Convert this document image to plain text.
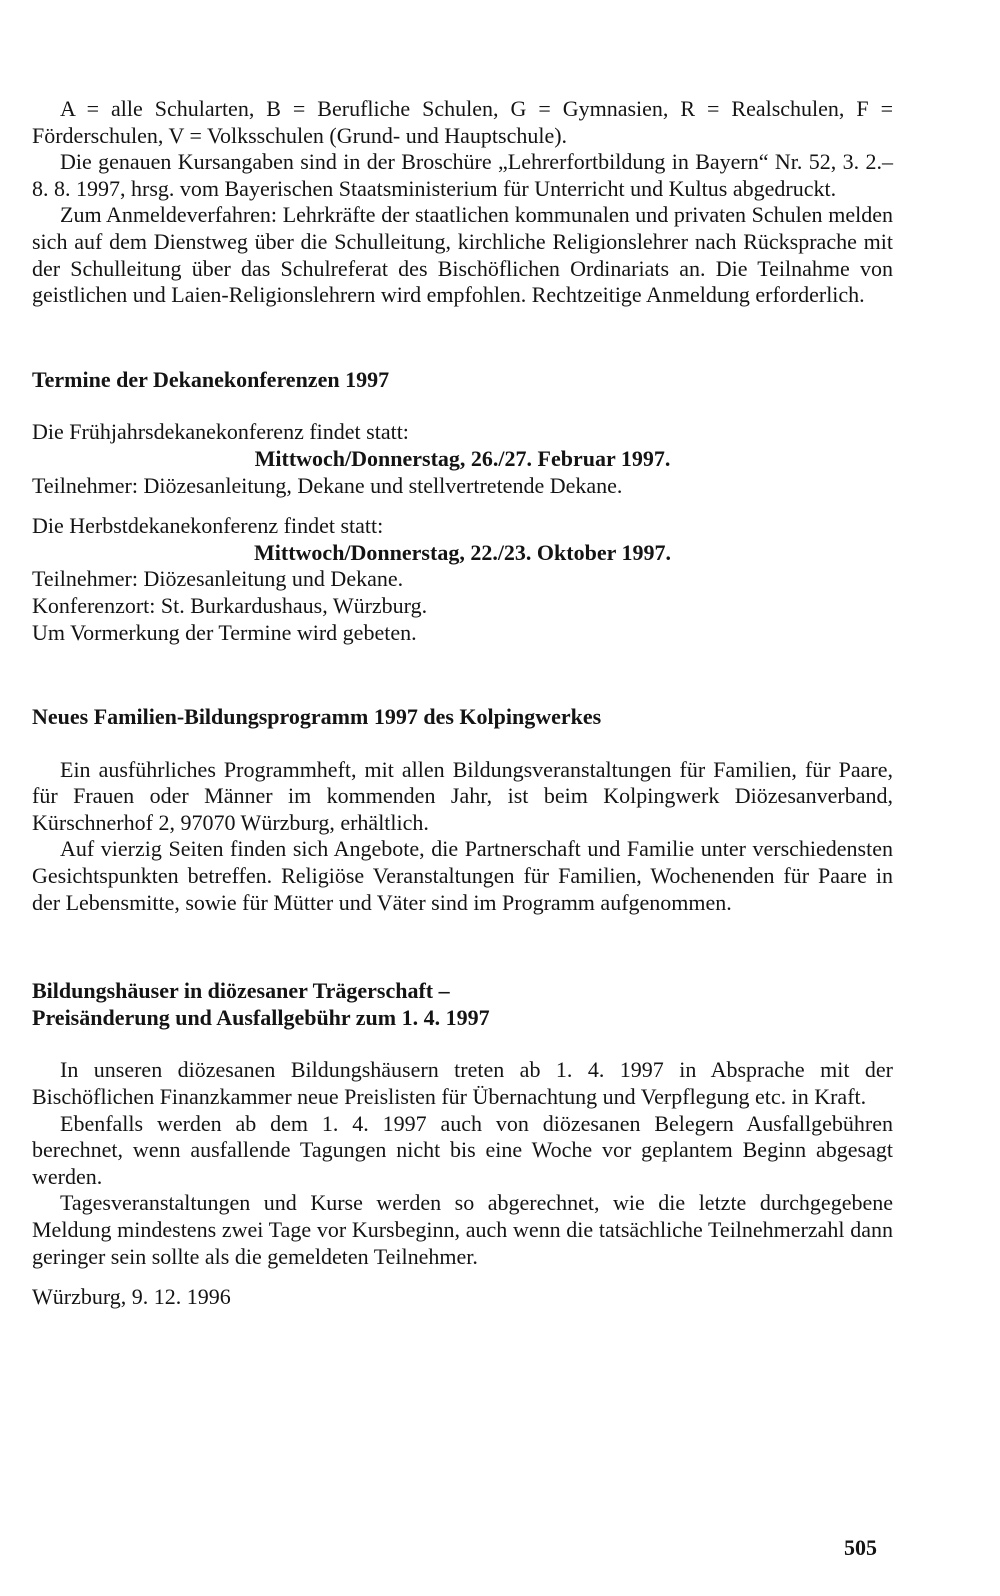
A = alle Schularten, B = Berufliche Schulen, G = Gymnasien, R = Realschulen, F = Förderschulen, V = Volksschulen (Grund- und Hauptschule).

Die genauen Kursangaben sind in der Broschüre „Lehrerfortbildung in Bayern“ Nr. 52, 3. 2.–8. 8. 1997, hrsg. vom Bayerischen Staatsministerium für Unterricht und Kultus abgedruckt.

Zum Anmeldeverfahren: Lehrkräfte der staatlichen kommunalen und privaten Schulen melden sich auf dem Dienstweg über die Schulleitung, kirchliche Religionslehrer nach Rücksprache mit der Schulleitung über das Schulreferat des Bischöflichen Ordinariats an. Die Teilnahme von geistlichen und Laien-Religionslehrern wird empfohlen. Rechtzeitige Anmeldung erforderlich.

Termine der Dekanekonferenzen 1997

Die Frühjahrsdekanekonferenz findet statt:

Mittwoch/Donnerstag, 26./27. Februar 1997.

Teilnehmer: Diözesanleitung, Dekane und stellvertretende Dekane.

Die Herbstdekanekonferenz findet statt:

Mittwoch/Donnerstag, 22./23. Oktober 1997.

Teilnehmer: Diözesanleitung und Dekane.

Konferenzort: St. Burkardushaus, Würzburg.

Um Vormerkung der Termine wird gebeten.

Neues Familien-Bildungsprogramm 1997 des Kolpingwerkes

Ein ausführliches Programmheft, mit allen Bildungsveranstaltungen für Familien, für Paare, für Frauen oder Männer im kommenden Jahr, ist beim Kolpingwerk Diözesanverband, Kürschnerhof 2, 97070 Würzburg, erhältlich.

Auf vierzig Seiten finden sich Angebote, die Partnerschaft und Familie unter verschiedensten Gesichtspunkten betreffen. Religiöse Veranstaltungen für Familien, Wochenenden für Paare in der Lebensmitte, sowie für Mütter und Väter sind im Programm aufgenommen.

Bildungshäuser in diözesaner Trägerschaft –
Preisänderung und Ausfallgebühr zum 1. 4. 1997

In unseren diözesanen Bildungshäusern treten ab 1. 4. 1997 in Absprache mit der Bischöflichen Finanzkammer neue Preislisten für Übernachtung und Verpflegung etc. in Kraft.

Ebenfalls werden ab dem 1. 4. 1997 auch von diözesanen Belegern Ausfallgebühren berechnet, wenn ausfallende Tagungen nicht bis eine Woche vor geplantem Beginn abgesagt werden.

Tagesveranstaltungen und Kurse werden so abgerechnet, wie die letzte durchgegebene Meldung mindestens zwei Tage vor Kursbeginn, auch wenn die tatsächliche Teilnehmerzahl dann geringer sein sollte als die gemeldeten Teilnehmer.

Würzburg, 9. 12. 1996

505
